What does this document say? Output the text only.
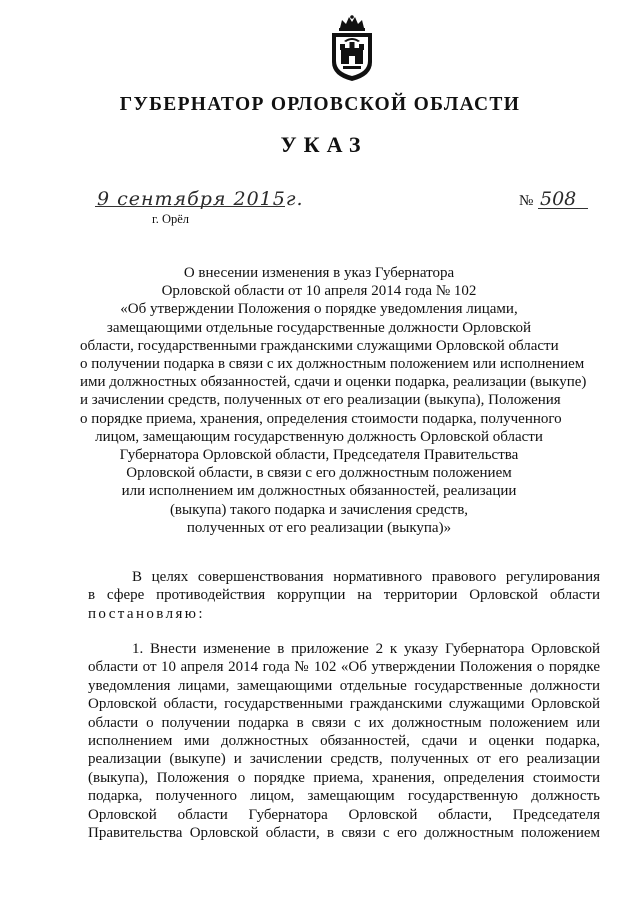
ГУБЕРНАТОР ОРЛОВСКОЙ ОБЛАСТИ
УКАЗ
9 сентября 2015г.
г. Орёл
№ 508
О внесении изменения в указ Губернатора
Орловской области от 10 апреля 2014 года № 102
«Об утверждении Положения о порядке уведомления лицами,
замещающими отдельные государственные должности Орловской
области, государственными гражданскими служащими Орловской области
о получении подарка в связи с их должностным положением или исполнением
ими должностных обязанностей, сдачи и оценки подарка, реализации (выкупе)
и зачислении средств, полученных от его реализации (выкупа), Положения
о порядке приема, хранения, определения стоимости подарка, полученного
лицом, замещающим государственную должность Орловской области
Губернатора Орловской области, Председателя Правительства
Орловской области, в связи с его должностным положением
или исполнением им должностных обязанностей, реализации
(выкупа) такого подарка и зачисления средств,
полученных от его реализации (выкупа)»
В целях совершенствования нормативного правового регулирования
в сфере противодействия коррупции на территории Орловской области
постановляю:
1. Внести изменение в приложение 2 к указу Губернатора Орловской
области от 10 апреля 2014 года № 102 «Об утверждении Положения о порядке
уведомления лицами, замещающими отдельные государственные должности
Орловской области, государственными гражданскими служащими Орловской
области о получении подарка в связи с их должностным положением или
исполнением ими должностных обязанностей, сдачи и оценки подарка,
реализации (выкупе) и зачислении средств, полученных от его реализации
(выкупа), Положения о порядке приема, хранения, определения стоимости
подарка, полученного лицом, замещающим государственную должность
Орловской области Губернатора Орловской области, Председателя
Правительства Орловской области, в связи с его должностным положением
